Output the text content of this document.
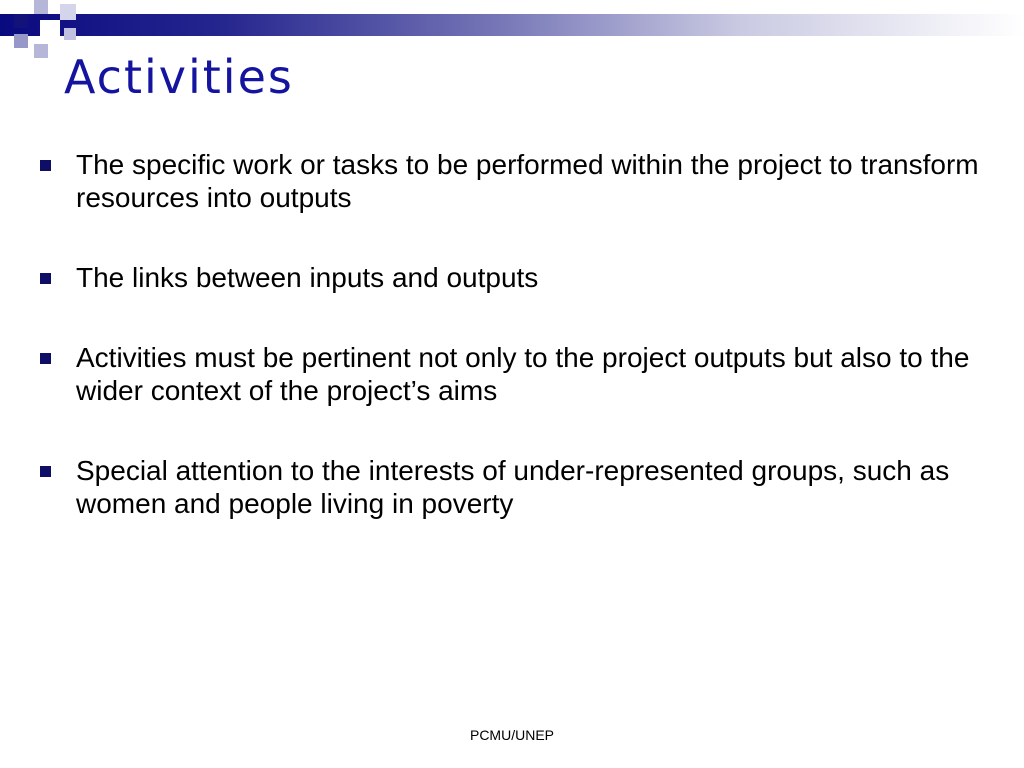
Activities
The specific work or tasks to be performed within the project to transform resources into outputs
The links between inputs and outputs
Activities must be pertinent not only to the project outputs but also to the wider context of the project’s aims
Special attention to the interests of under-represented groups, such as women and people living in poverty
PCMU/UNEP
